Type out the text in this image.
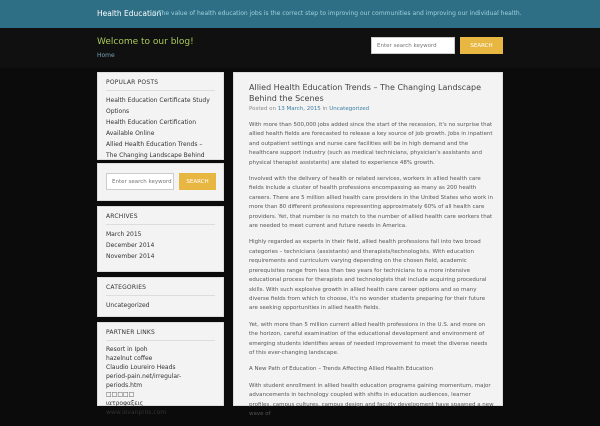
Health Education
// The value of health education jobs is the correct step to improving our communities and improving our individual health.
Welcome to our blog!
Home
Enter search keyword
SEARCH
POPULAR POSTS
Health Education Certificate Study Options
Health Education Certification Available Online
Allied Health Education Trends – The Changing Landscape Behind
Enter search keyword
SEARCH
ARCHIVES
March 2015
December 2014
November 2014
CATEGORIES
Uncategorized
PARTNER LINKS
Resort in Ipoh
hazelnut coffee
Claudio Loureiro Heads
period-pain.net/irregular-periods.htm
□□□□□
ιατροφαξεις
www.iovanpros.com
Allied Health Education Trends – The Changing Landscape Behind the Scenes
Posted on 13 March, 2015 in Uncategorized

With more than 500,000 jobs added since the start of the recession, it's no surprise that allied health fields are forecasted to release a key source of job growth. Jobs in inpatient and outpatient settings and nurse care facilities will be in high demand and the healthcare support industry (such as medical technicians, physician's assistants and physical therapist assistants) are slated to experience 48% growth.

Involved with the delivery of health or related services, workers in allied health care fields include a cluster of health professions encompassing as many as 200 health careers. There are 5 million allied health care providers in the United States who work in more than 80 different professions representing approximately 60% of all health care providers. Yet, that number is no match to the number of allied health care workers that are needed to meet current and future needs in America.

Highly regarded as experts in their field, allied health professions fall into two broad categories – technicians (assistants) and therapists/technologists. With education requirements and curriculum varying depending on the chosen field, academic prerequisites range from less than two years for technicians to a more intensive educational process for therapists and technologists that include acquiring procedural skills. With such explosive growth in allied health care career options and so many diverse fields from which to choose, it's no wonder students preparing for their future are seeking opportunities in allied health fields.

Yet, with more than 5 million current allied health professions in the U.S. and more on the horizon, careful examination of the educational development and environment of emerging students identifies areas of needed improvement to meet the diverse needs of this ever-changing landscape.

A New Path of Education – Trends Affecting Allied Health Education

With student enrollment in allied health education programs gaining momentum, major advancements in technology coupled with shifts in education audiences, learner profiles, campus cultures, campus design and faculty development have spawned a new wave of
